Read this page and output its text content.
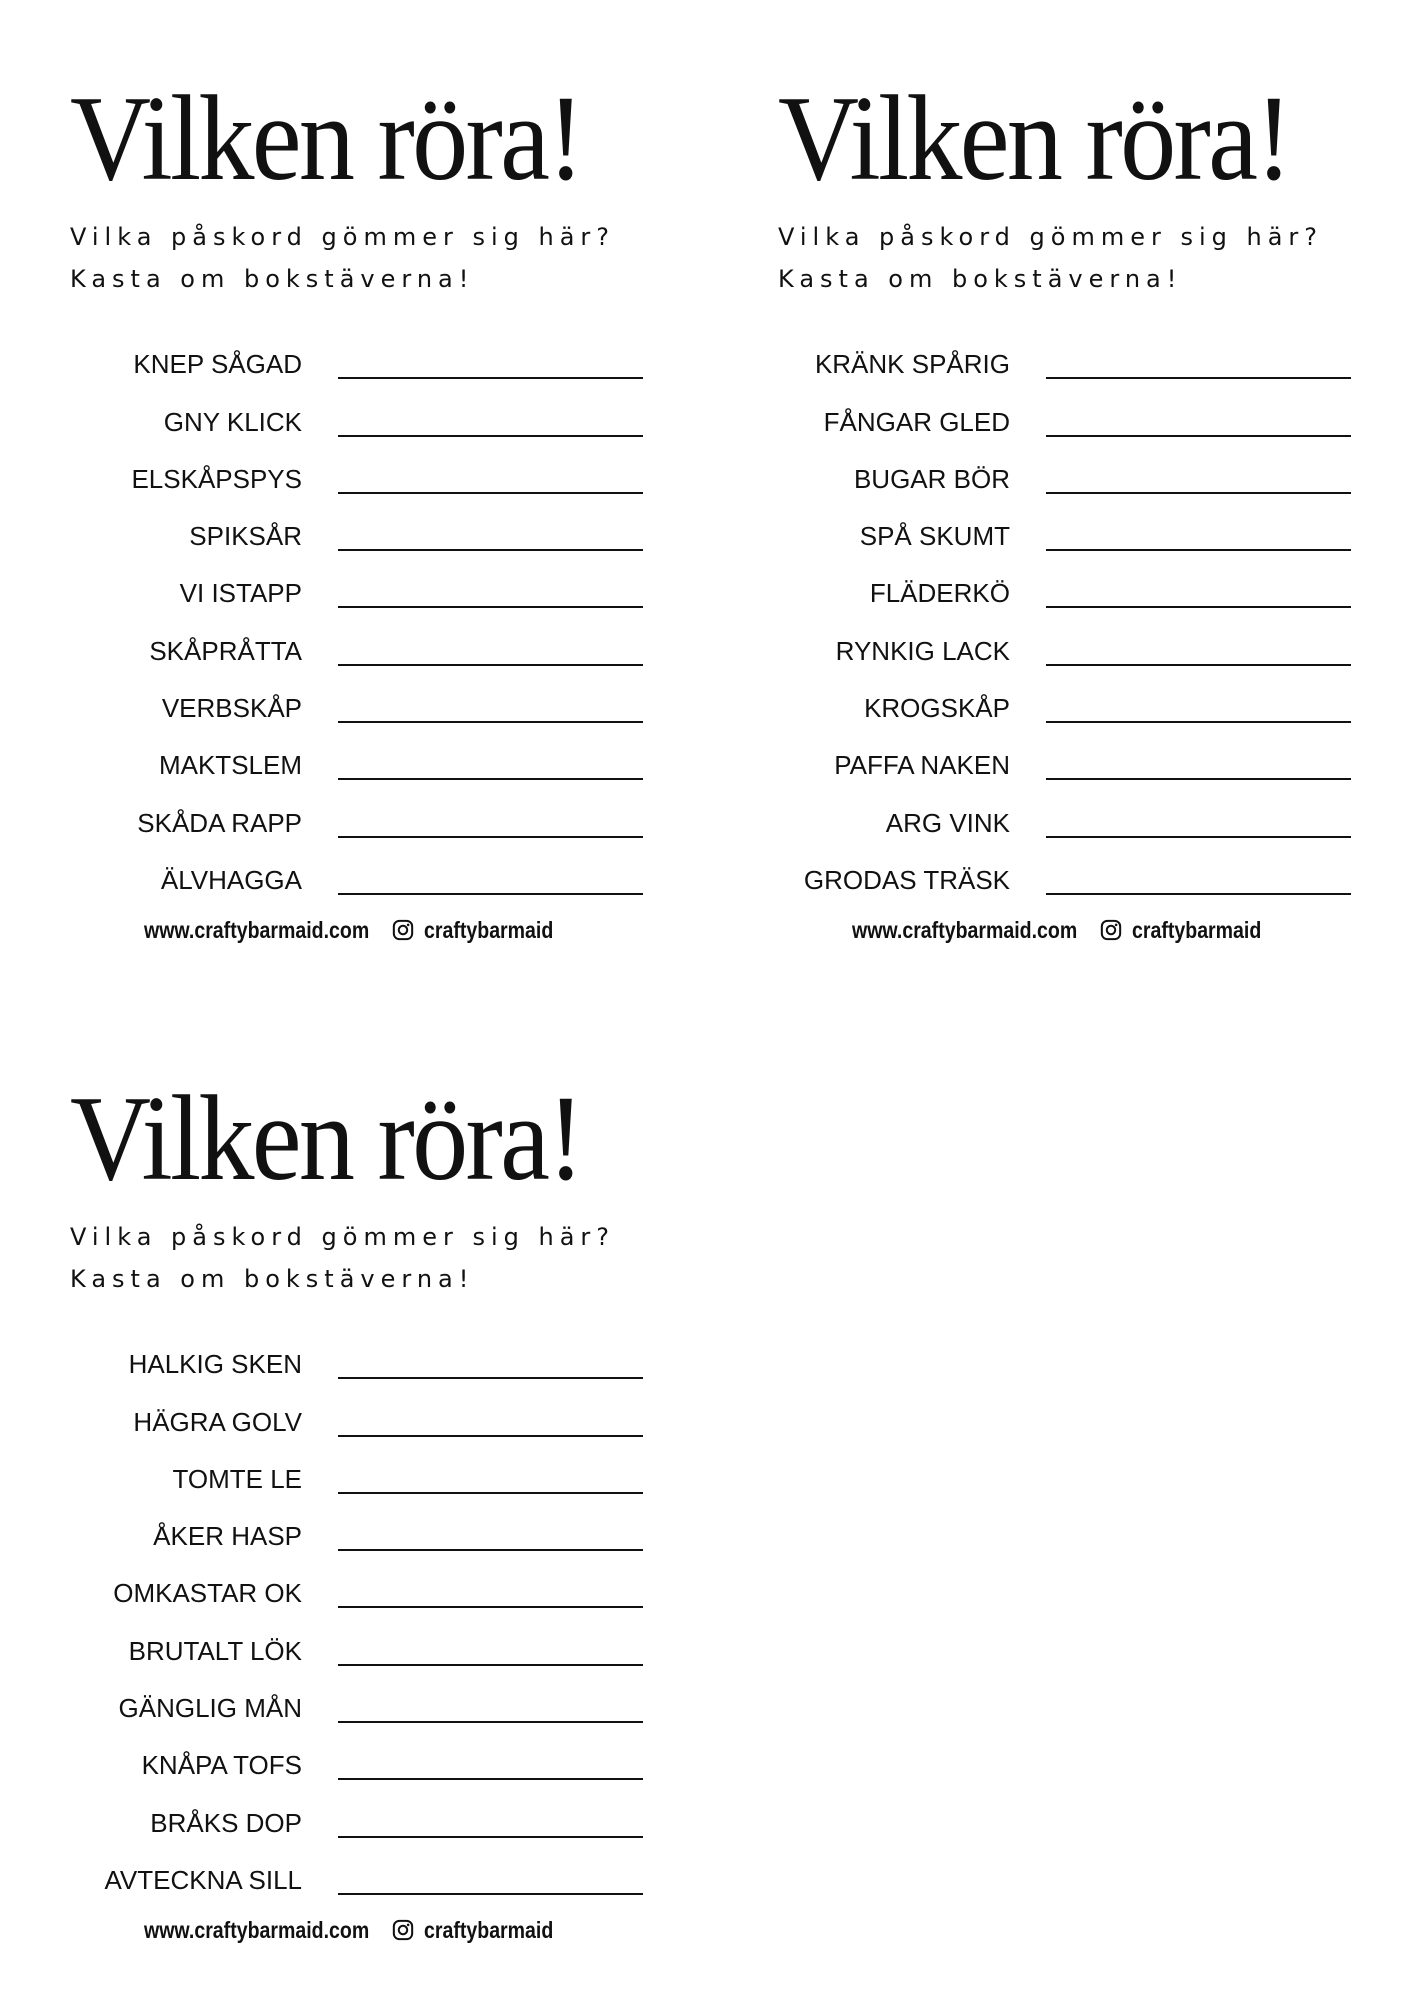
Vilken röra!
Vilka påskord gömmer sig här?
Kasta om bokstäverna!
KNEP SÅGAD
GNY KLICK
ELSKÅPSPYS
SPIKSÅR
VI ISTAPP
SKÅPRÅTTA
VERBSKÅP
MAKTSLEM
SKÅDA RAPP
ÄLVHAGGA
www.craftybarmaid.com craftybarmaid
Vilken röra!
Vilka påskord gömmer sig här?
Kasta om bokstäverna!
KRÄNK SPÅRIG
FÅNGAR GLED
BUGAR BÖR
SPÅ SKUMT
FLÄDERKÖ
RYNKIG LACK
KROGSKÅP
PAFFA NAKEN
ARG VINK
GRODAS TRÄSK
www.craftybarmaid.com craftybarmaid
Vilken röra!
Vilka påskord gömmer sig här?
Kasta om bokstäverna!
HALKIG SKEN
HÄGRA GOLV
TOMTE LE
ÅKER HASP
OMKASTAR OK
BRUTALT LÖK
GÄNGLIG MÅN
KNÅPA TOFS
BRÅKS DOP
AVTECKNA SILL
www.craftybarmaid.com craftybarmaid
